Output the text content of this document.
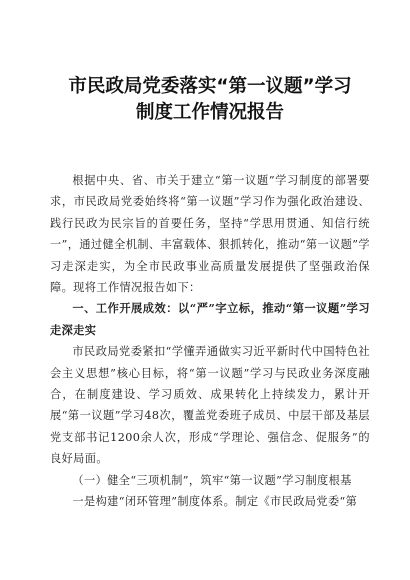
市民政局党委落实“第一议题”学习
制度工作情况报告

根据中央、省、市关于建立“第一议题”学习制度的部署要求，市民政局党委始终将“第一议题”学习作为强化政治建设、践行民政为民宗旨的首要任务，坚持“学思用贯通、知信行统一”，通过健全机制、丰富载体、狠抓转化，推动“第一议题”学习走深走实，为全市民政事业高质量发展提供了坚强政治保障。现将工作情况报告如下：

一、工作开展成效：以“严”字立标，推动“第一议题”学习走深走实

市民政局党委紧扣“学懂弄通做实习近平新时代中国特色社会主义思想”核心目标，将“第一议题”学习与民政业务深度融合，在制度建设、学习质效、成果转化上持续发力，累计开展“第一议题”学习48次，覆盖党委班子成员、中层干部及基层党支部书记1200余人次，形成“学理论、强信念、促服务”的良好局面。

（一）健全“三项机制”，筑牢“第一议题”学习制度根基

一是构建“闭环管理”制度体系。制定《市民政局党委“第
